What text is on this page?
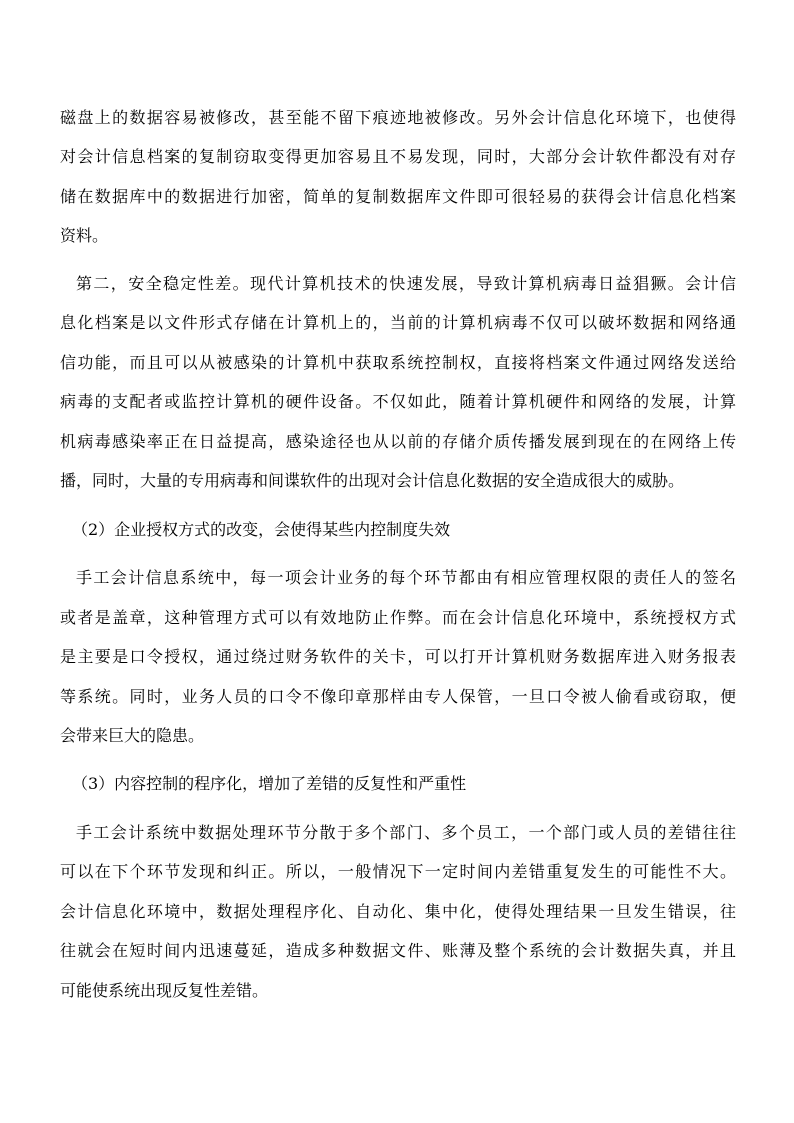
磁盘上的数据容易被修改，甚至能不留下痕迹地被修改。另外会计信息化环境下，也使得
对会计信息档案的复制窃取变得更加容易且不易发现，同时，大部分会计软件都没有对存
储在数据库中的数据进行加密，简单的复制数据库文件即可很轻易的获得会计信息化档案
资料。
第二，安全稳定性差。现代计算机技术的快速发展，导致计算机病毒日益猖獗。会计信
息化档案是以文件形式存储在计算机上的，当前的计算机病毒不仅可以破坏数据和网络通
信功能，而且可以从被感染的计算机中获取系统控制权，直接将档案文件通过网络发送给
病毒的支配者或监控计算机的硬件设备。不仅如此，随着计算机硬件和网络的发展，计算
机病毒感染率正在日益提高，感染途径也从以前的存储介质传播发展到现在的在网络上传
播，同时，大量的专用病毒和间谍软件的出现对会计信息化数据的安全造成很大的威胁。
（2）企业授权方式的改变，会使得某些内控制度失效
手工会计信息系统中，每一项会计业务的每个环节都由有相应管理权限的责任人的签名
或者是盖章，这种管理方式可以有效地防止作弊。而在会计信息化环境中，系统授权方式
是主要是口令授权，通过绕过财务软件的关卡，可以打开计算机财务数据库进入财务报表
等系统。同时，业务人员的口令不像印章那样由专人保管，一旦口令被人偷看或窃取，便
会带来巨大的隐患。
（3）内容控制的程序化，增加了差错的反复性和严重性
手工会计系统中数据处理环节分散于多个部门、多个员工，一个部门或人员的差错往往
可以在下个环节发现和纠正。所以，一般情况下一定时间内差错重复发生的可能性不大。
会计信息化环境中，数据处理程序化、自动化、集中化，使得处理结果一旦发生错误，往
往就会在短时间内迅速蔓延，造成多种数据文件、账薄及整个系统的会计数据失真，并且
可能使系统出现反复性差错。
